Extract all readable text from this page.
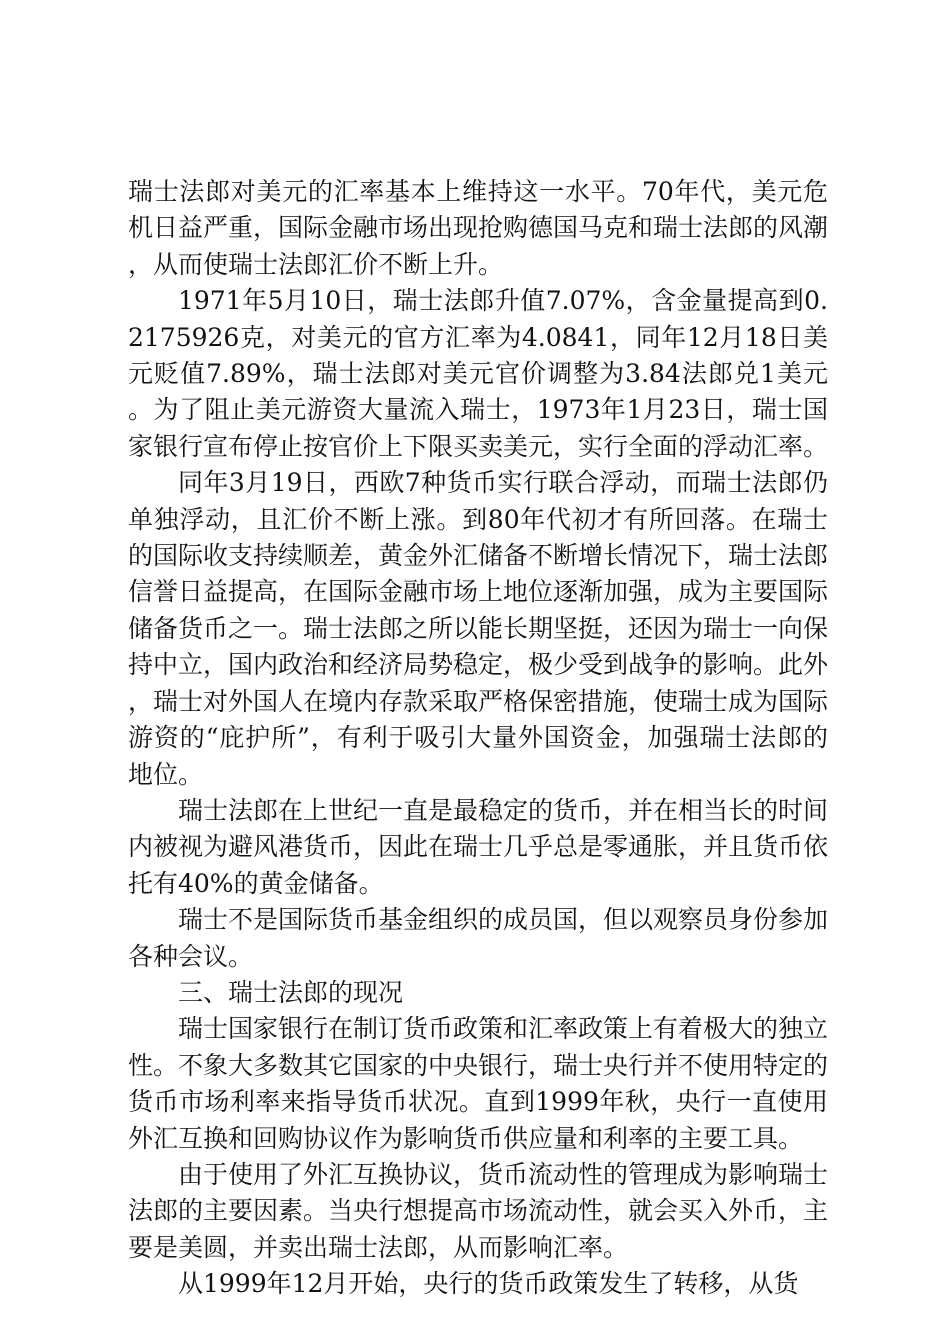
瑞士法郎对美元的汇率基本上维持这一水平。70年代，美元危机日益严重，国际金融市场出现抢购德国马克和瑞士法郎的风潮，从而使瑞士法郎汇价不断上升。

1971年5月10日，瑞士法郎升值7.07%，含金量提高到0.2175926克，对美元的官方汇率为4.0841，同年12月18日美元贬值7.89%，瑞士法郎对美元官价调整为3.84法郎兑1美元。为了阻止美元游资大量流入瑞士，1973年1月23日，瑞士国家银行宣布停止按官价上下限买卖美元，实行全面的浮动汇率。

同年3月19日，西欧7种货币实行联合浮动，而瑞士法郎仍单独浮动，且汇价不断上涨。到80年代初才有所回落。在瑞士的国际收支持续顺差，黄金外汇储备不断增长情况下，瑞士法郎信誉日益提高，在国际金融市场上地位逐渐加强，成为主要国际储备货币之一。瑞士法郎之所以能长期坚挺，还因为瑞士一向保持中立，国内政治和经济局势稳定，极少受到战争的影响。此外，瑞士对外国人在境内存款采取严格保密措施，使瑞士成为国际游资的“庇护所”，有利于吸引大量外国资金，加强瑞士法郎的地位。

瑞士法郎在上世纪一直是最稳定的货币，并在相当长的时间内被视为避风港货币，因此在瑞士几乎总是零通胀，并且货币依托有40%的黄金储备。

瑞士不是国际货币基金组织的成员国，但以观察员身份参加各种会议。

三、瑞士法郎的现况

瑞士国家银行在制订货币政策和汇率政策上有着极大的独立性。不象大多数其它国家的中央银行，瑞士央行并不使用特定的货币市场利率来指导货币状况。直到1999年秋，央行一直使用外汇互换和回购协议作为影响货币供应量和利率的主要工具。

由于使用了外汇互换协议，货币流动性的管理成为影响瑞士法郎的主要因素。当央行想提高市场流动性，就会买入外币，主要是美圆，并卖出瑞士法郎，从而影响汇率。

从1999年12月开始，央行的货币政策发生了转移，从货
